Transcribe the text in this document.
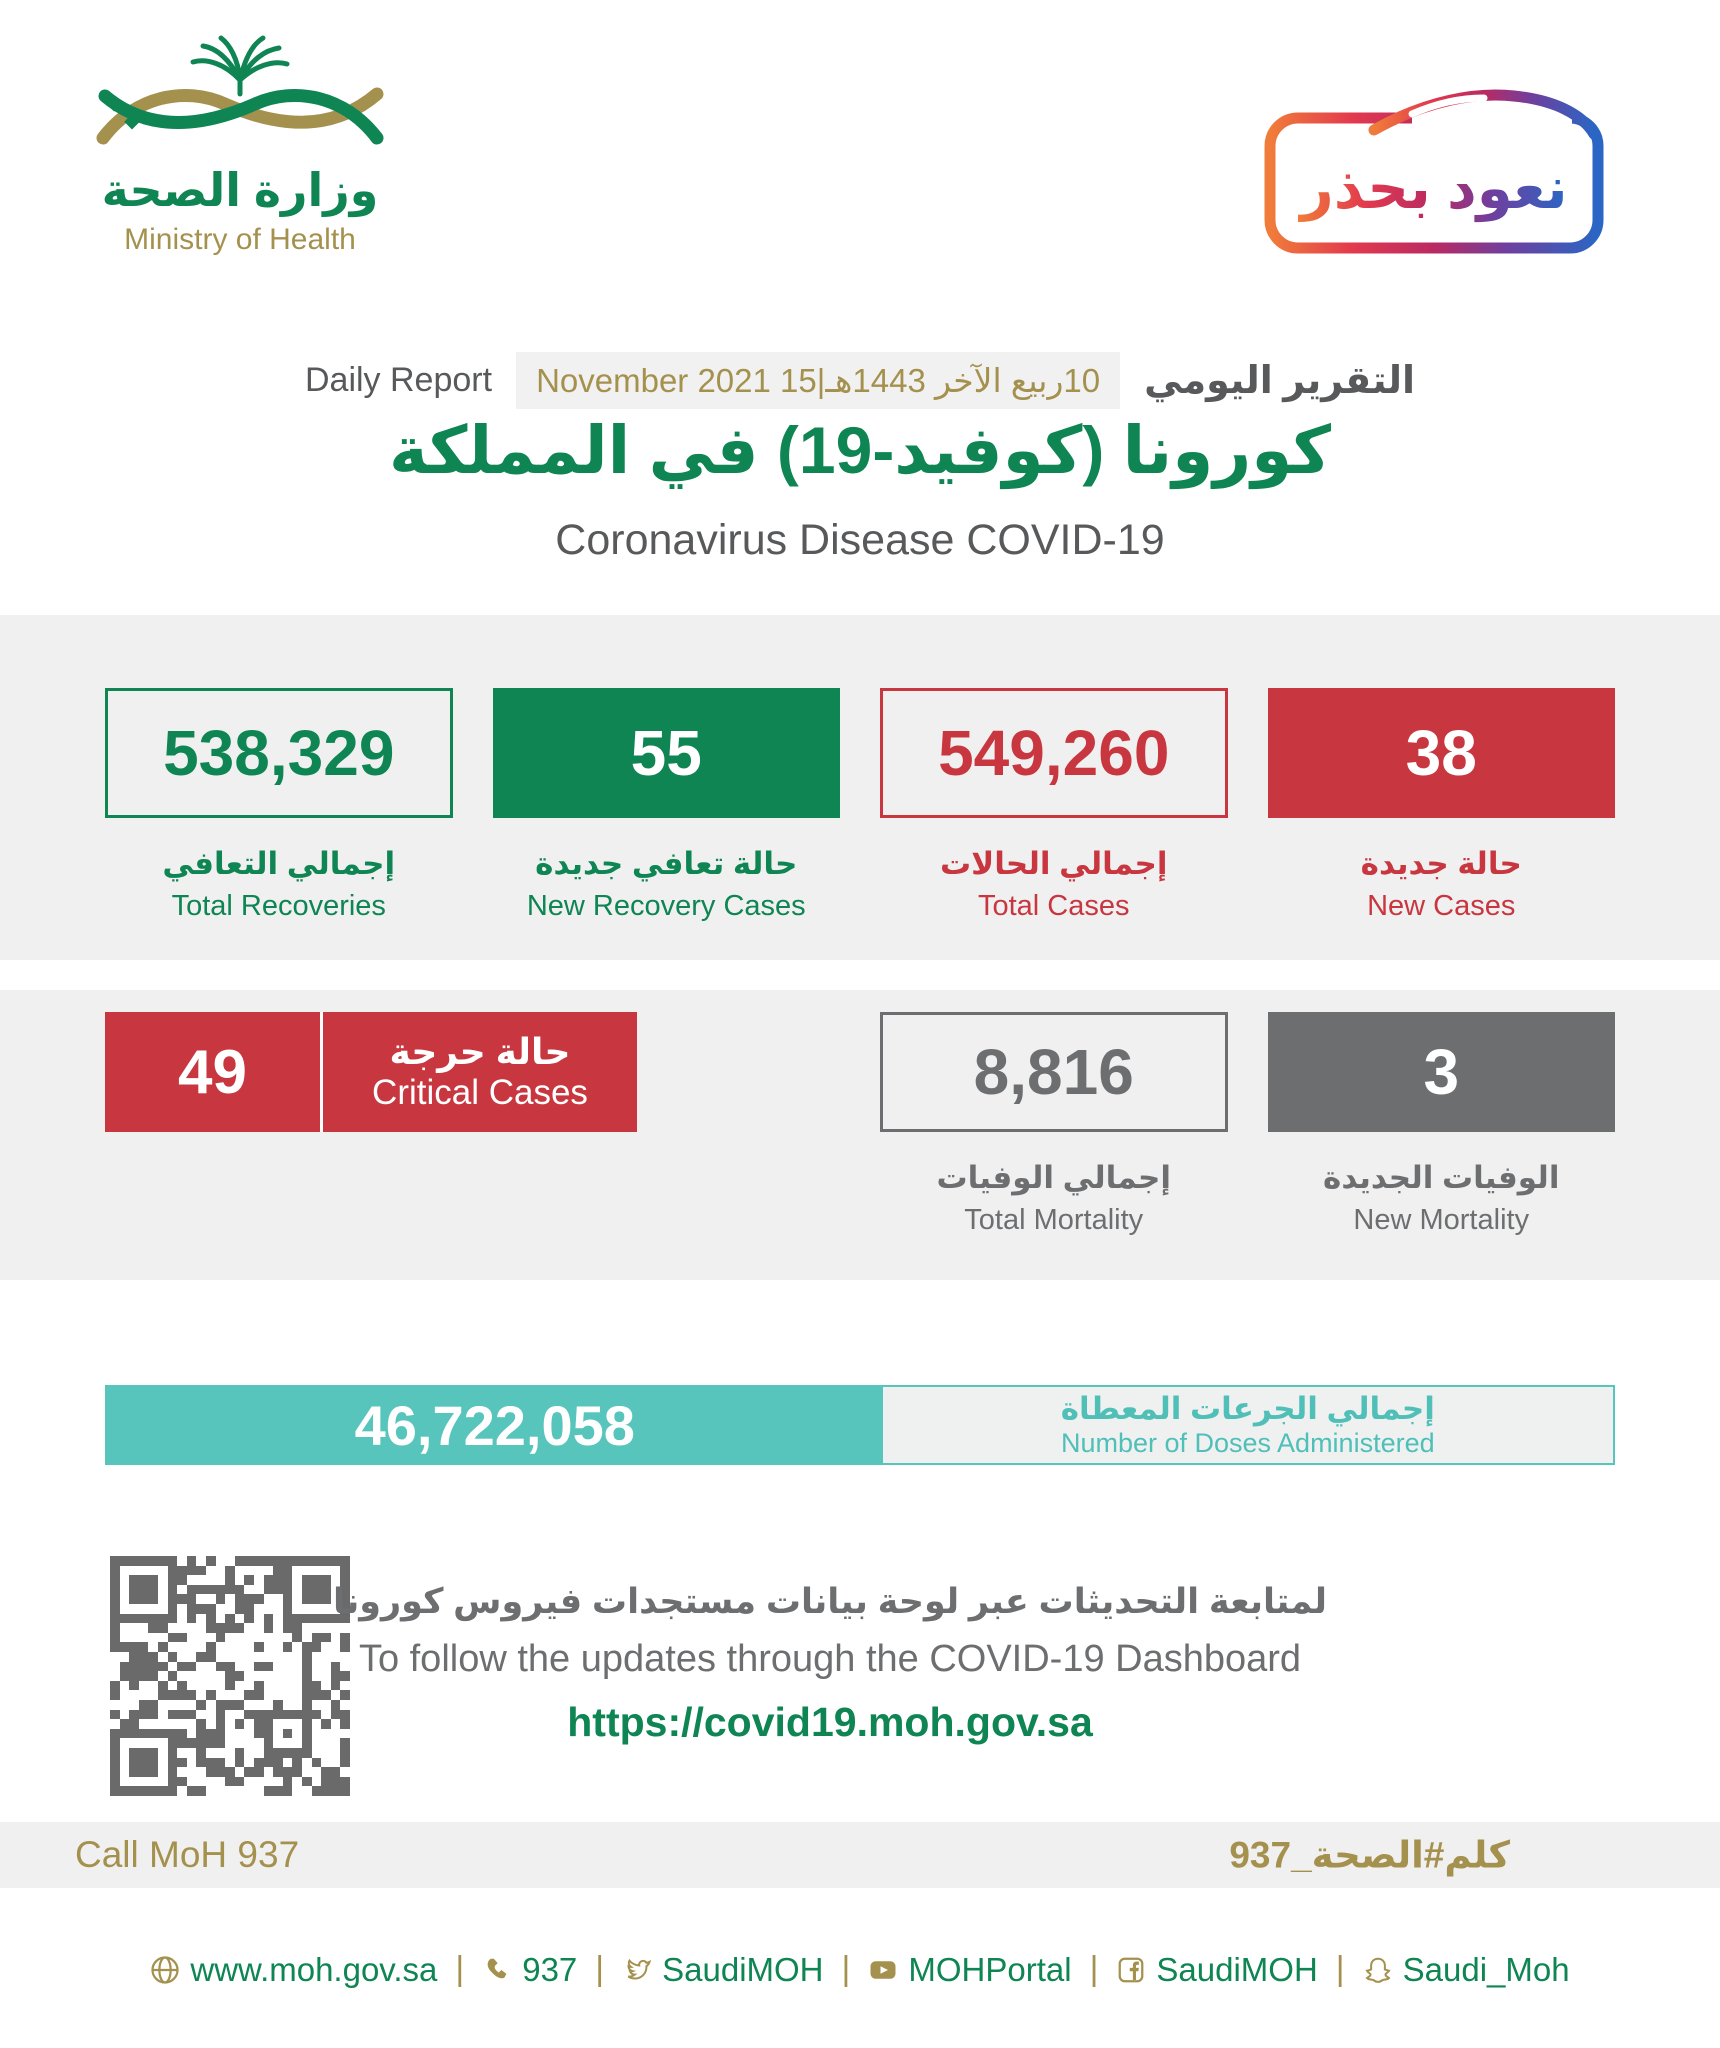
وزارة الصحة
Ministry of Health
نعود بحذر
التقرير اليومي
10ربيع الآخر 1443هـ|15 November 2021
Daily Report
كورونا (كوفيد-19) في المملكة
Coronavirus Disease COVID-19
538,329
إجمالي التعافي
Total Recoveries
55
حالة تعافي جديدة
New Recovery Cases
549,260
إجمالي الحالات
Total Cases
38
حالة جديدة
New Cases
49	حالة حرجة
Critical Cases	8,816
إجمالي الوفيات
Total Mortality
3
الوفيات الجديدة
New Mortality
46,722,058	إجمالي الجرعات المعطاة
Number of Doses Administered
لمتابعة التحديثات عبر لوحة بيانات مستجدات فيروس كورونا
To follow the updates through the COVID-19 Dashboard
https://covid19.moh.gov.sa
Call MoH 937	كلم#الصحة_937
www.moh.gov.sa | 937 | SaudiMOH | MOHPortal | SaudiMOH | Saudi_Moh
